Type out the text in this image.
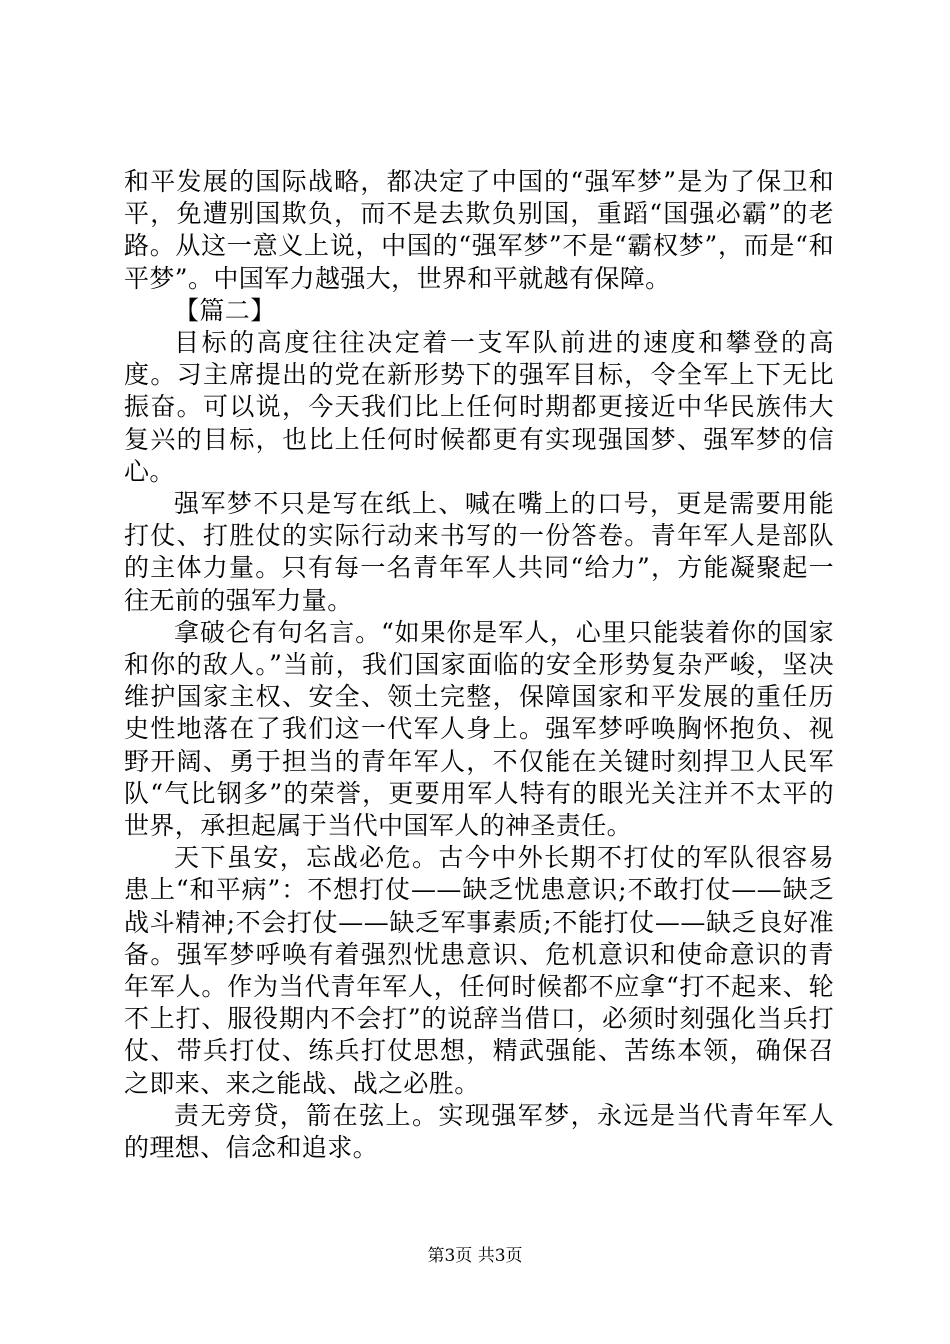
和平发展的国际战略，都决定了中国的“强军梦”是为了保卫和平，免遭别国欺负，而不是去欺负别国，重蹈“国强必霸”的老路。从这一意义上说，中国的“强军梦”不是“霸权梦”，而是“和平梦”。中国军力越强大，世界和平就越有保障。

【篇二】

目标的高度往往决定着一支军队前进的速度和攀登的高度。习主席提出的党在新形势下的强军目标，令全军上下无比振奋。可以说，今天我们比上任何时期都更接近中华民族伟大复兴的目标，也比上任何时候都更有实现强国梦、强军梦的信心。

强军梦不只是写在纸上、喊在嘴上的口号，更是需要用能打仗、打胜仗的实际行动来书写的一份答卷。青年军人是部队的主体力量。只有每一名青年军人共同“给力”，方能凝聚起一往无前的强军力量。

拿破仑有句名言。“如果你是军人，心里只能装着你的国家和你的敌人。”当前，我们国家面临的安全形势复杂严峻，坚决维护国家主权、安全、领土完整，保障国家和平发展的重任历史性地落在了我们这一代军人身上。强军梦呼唤胸怀抱负、视野开阔、勇于担当的青年军人，不仅能在关键时刻捍卫人民军队“气比钢多”的荣誉，更要用军人特有的眼光关注并不太平的世界，承担起属于当代中国军人的神圣责任。

天下虽安，忘战必危。古今中外长期不打仗的军队很容易患上“和平病”：不想打仗——缺乏忧患意识;不敢打仗——缺乏战斗精神;不会打仗——缺乏军事素质;不能打仗——缺乏良好准备。强军梦呼唤有着强烈忧患意识、危机意识和使命意识的青年军人。作为当代青年军人，任何时候都不应拿“打不起来、轮不上打、服役期内不会打”的说辞当借口，必须时刻强化当兵打仗、带兵打仗、练兵打仗思想，精武强能、苦练本领，确保召之即来、来之能战、战之必胜。

责无旁贷，箭在弦上。实现强军梦，永远是当代青年军人的理想、信念和追求。

第3页 共3页
